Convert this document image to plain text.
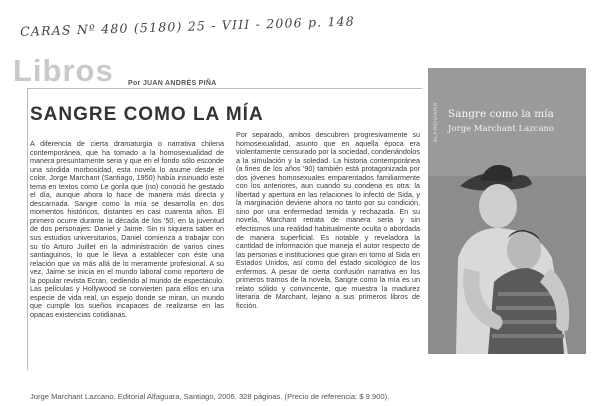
CARAS Nº 480 (5180) 25 - VIII - 2006 p. 148
Libros Por JUAN ANDRÉS PIÑA
SANGRE COMO LA MÍA

A diferencia de cierta dramaturgia o narrativa chilena contemporánea, que ha tomado a la homosexualidad de manera presuntamente seria y que en el fondo sólo esconde una sórdida morbosidad, esta novela lo asume desde el color. Jorge Marchant (Santiago, 1950) había insinuado este tema en textos como Le gorila que (no) conoció he gestado el día, aunque ahora lo hace de manera más directa y descarnada. Sangre como la mía se desarrolla en dos momentos históricos, distantes en casi cuarenta años. El primero ocurre durante la década de los '50, en la juventud de dos personajes: Daniel y Jaime. Sin ni siquiera saber en sus estudios universitarios, Daniel comienza a trabajar con su tío Arturo Juillet en la administración de varios cines santiaguinos, lo que le lleva a establecer con éste una relación que va más allá de lo meramente profesional. A su vez, Jaime se inicia en el mundo laboral como reportero de la popular revista Ecran, cediendo al mundo de espectáculo. Las películas y Hollywood se convierten para ellos en una especie de vida real, un espejo donde se miran, un mundo que cumple los sueños incapaces de realizarse en las opacas existencias cotidianas.

Por separado, ambos descubren progresivamente su homosexualidad, asunto que en aquella época era violentamente censurado por la sociedad, condenándolos a la simulación y la soledad. La historia contemporánea (a fines de los años '90) también está protagonizada por dos jóvenes homosexuales emparentados familiarmente con los anteriores, aun cuando su condena es otra: la libertad y apertura en las relaciones lo infectó de Sida, y la marginación deviene ahora no tanto por su condición, sino por una enfermedad temida y rechazada. En su novela, Marchant retrata de manera seria y sin efectismos una realidad habitualmente oculta o abordada de manera superficial. Es notable y reveladora la cantidad de información que maneja el autor respecto de las personas e instituciones que giran en torno al Sida en Estados Unidos, así como del estado sicológico de los enfermos. A pesar de cierta confusión narrativa en los primeros tramos de la novela, Sangre como la mía es un relato sólido y convincente, que muestra la madurez literaria de Marchant, lejano a sus primeros libros de ficción.

Jorge Marchant Lazcano. Editorial Alfaguara, Santiago, 2006. 328 páginas. (Precio de referencia: $ 9.900).
ALFAGUARA Sangre como la mía
Jorge Marchant Lazcano
